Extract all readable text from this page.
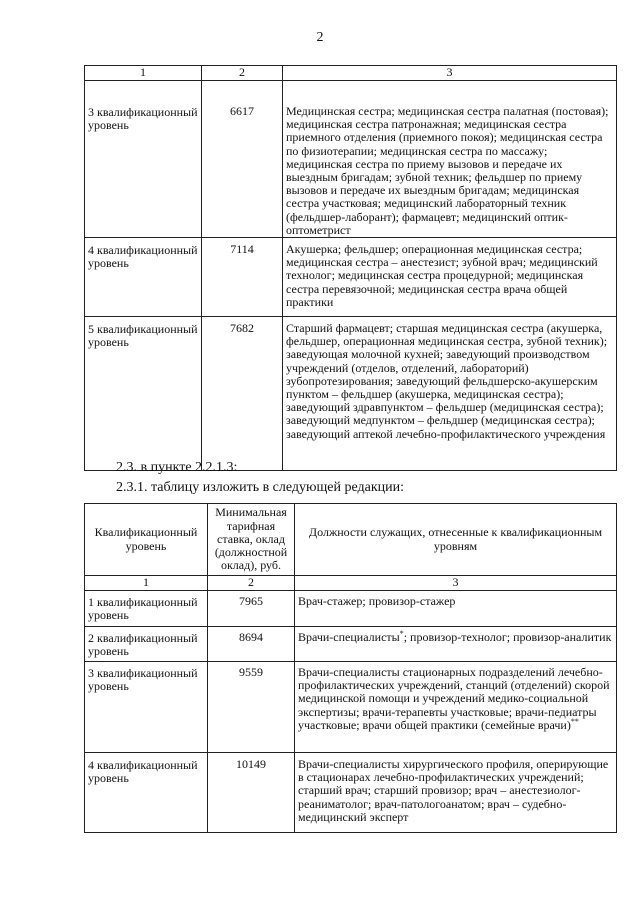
2
1	2	3
3 квалификационный уровень	6617	Медицинская сестра; медицинская сестра палатная (постовая); медицинская сестра патронажная; медицинская сестра приемного отделения (приемного покоя); медицинская сестра по физиотерапии; медицинская сестра по массажу; медицинская сестра по приему вызовов и передаче их выездным бригадам; зубной техник; фельдшер по приему вызовов и передаче их выездным бригадам; медицинская сестра участковая; медицинский лабораторный техник (фельдшер-лаборант); фармацевт; медицинский оптик-оптометрист
4 квалификационный уровень	7114	Акушерка; фельдшер; операционная медицинская сестра; медицинская сестра – анестезист; зубной врач; медицинский технолог; медицинская сестра процедурной; медицинская сестра перевязочной; медицинская сестра врача общей практики
5 квалификационный уровень	7682	Старший фармацевт; старшая медицинская сестра (акушерка, фельдшер, операционная медицинская сестра, зубной техник); заведующая молочной кухней; заведующий производством учреждений (отделов, отделений, лабораторий) зубопротезирования; заведующий фельдшерско-акушерским пунктом – фельдшер (акушерка, медицинская сестра); заведующий здравпунктом – фельдшер (медицинская сестра); заведующий медпунктом – фельдшер (медицинская сестра); заведующий аптекой лечебно-профилактического учреждения
2.3. в пункте 2.2.1.3:
2.3.1. таблицу изложить в следующей редакции:
Квалификационный уровень	Минимальная тарифная ставка, оклад (должностной оклад), руб.	Должности служащих, отнесенные к квалификационным уровням
1	2	3
1 квалификационный уровень	7965	Врач-стажер; провизор-стажер
2 квалификационный уровень	8694	Врачи-специалисты*; провизор-технолог; провизор-аналитик
3 квалификационный уровень	9559	Врачи-специалисты стационарных подразделений лечебно-профилактических учреждений, станций (отделений) скорой медицинской помощи и учреждений медико-социальной экспертизы; врачи-терапевты участковые; врачи-педиатры участковые; врачи общей практики (семейные врачи)**
4 квалификационный уровень	10149	Врачи-специалисты хирургического профиля, оперирующие в стационарах лечебно-профилактических учреждений; старший врач; старший провизор; врач – анестезиолог-реаниматолог; врач-патологоанатом; врач – судебно-медицинский эксперт
